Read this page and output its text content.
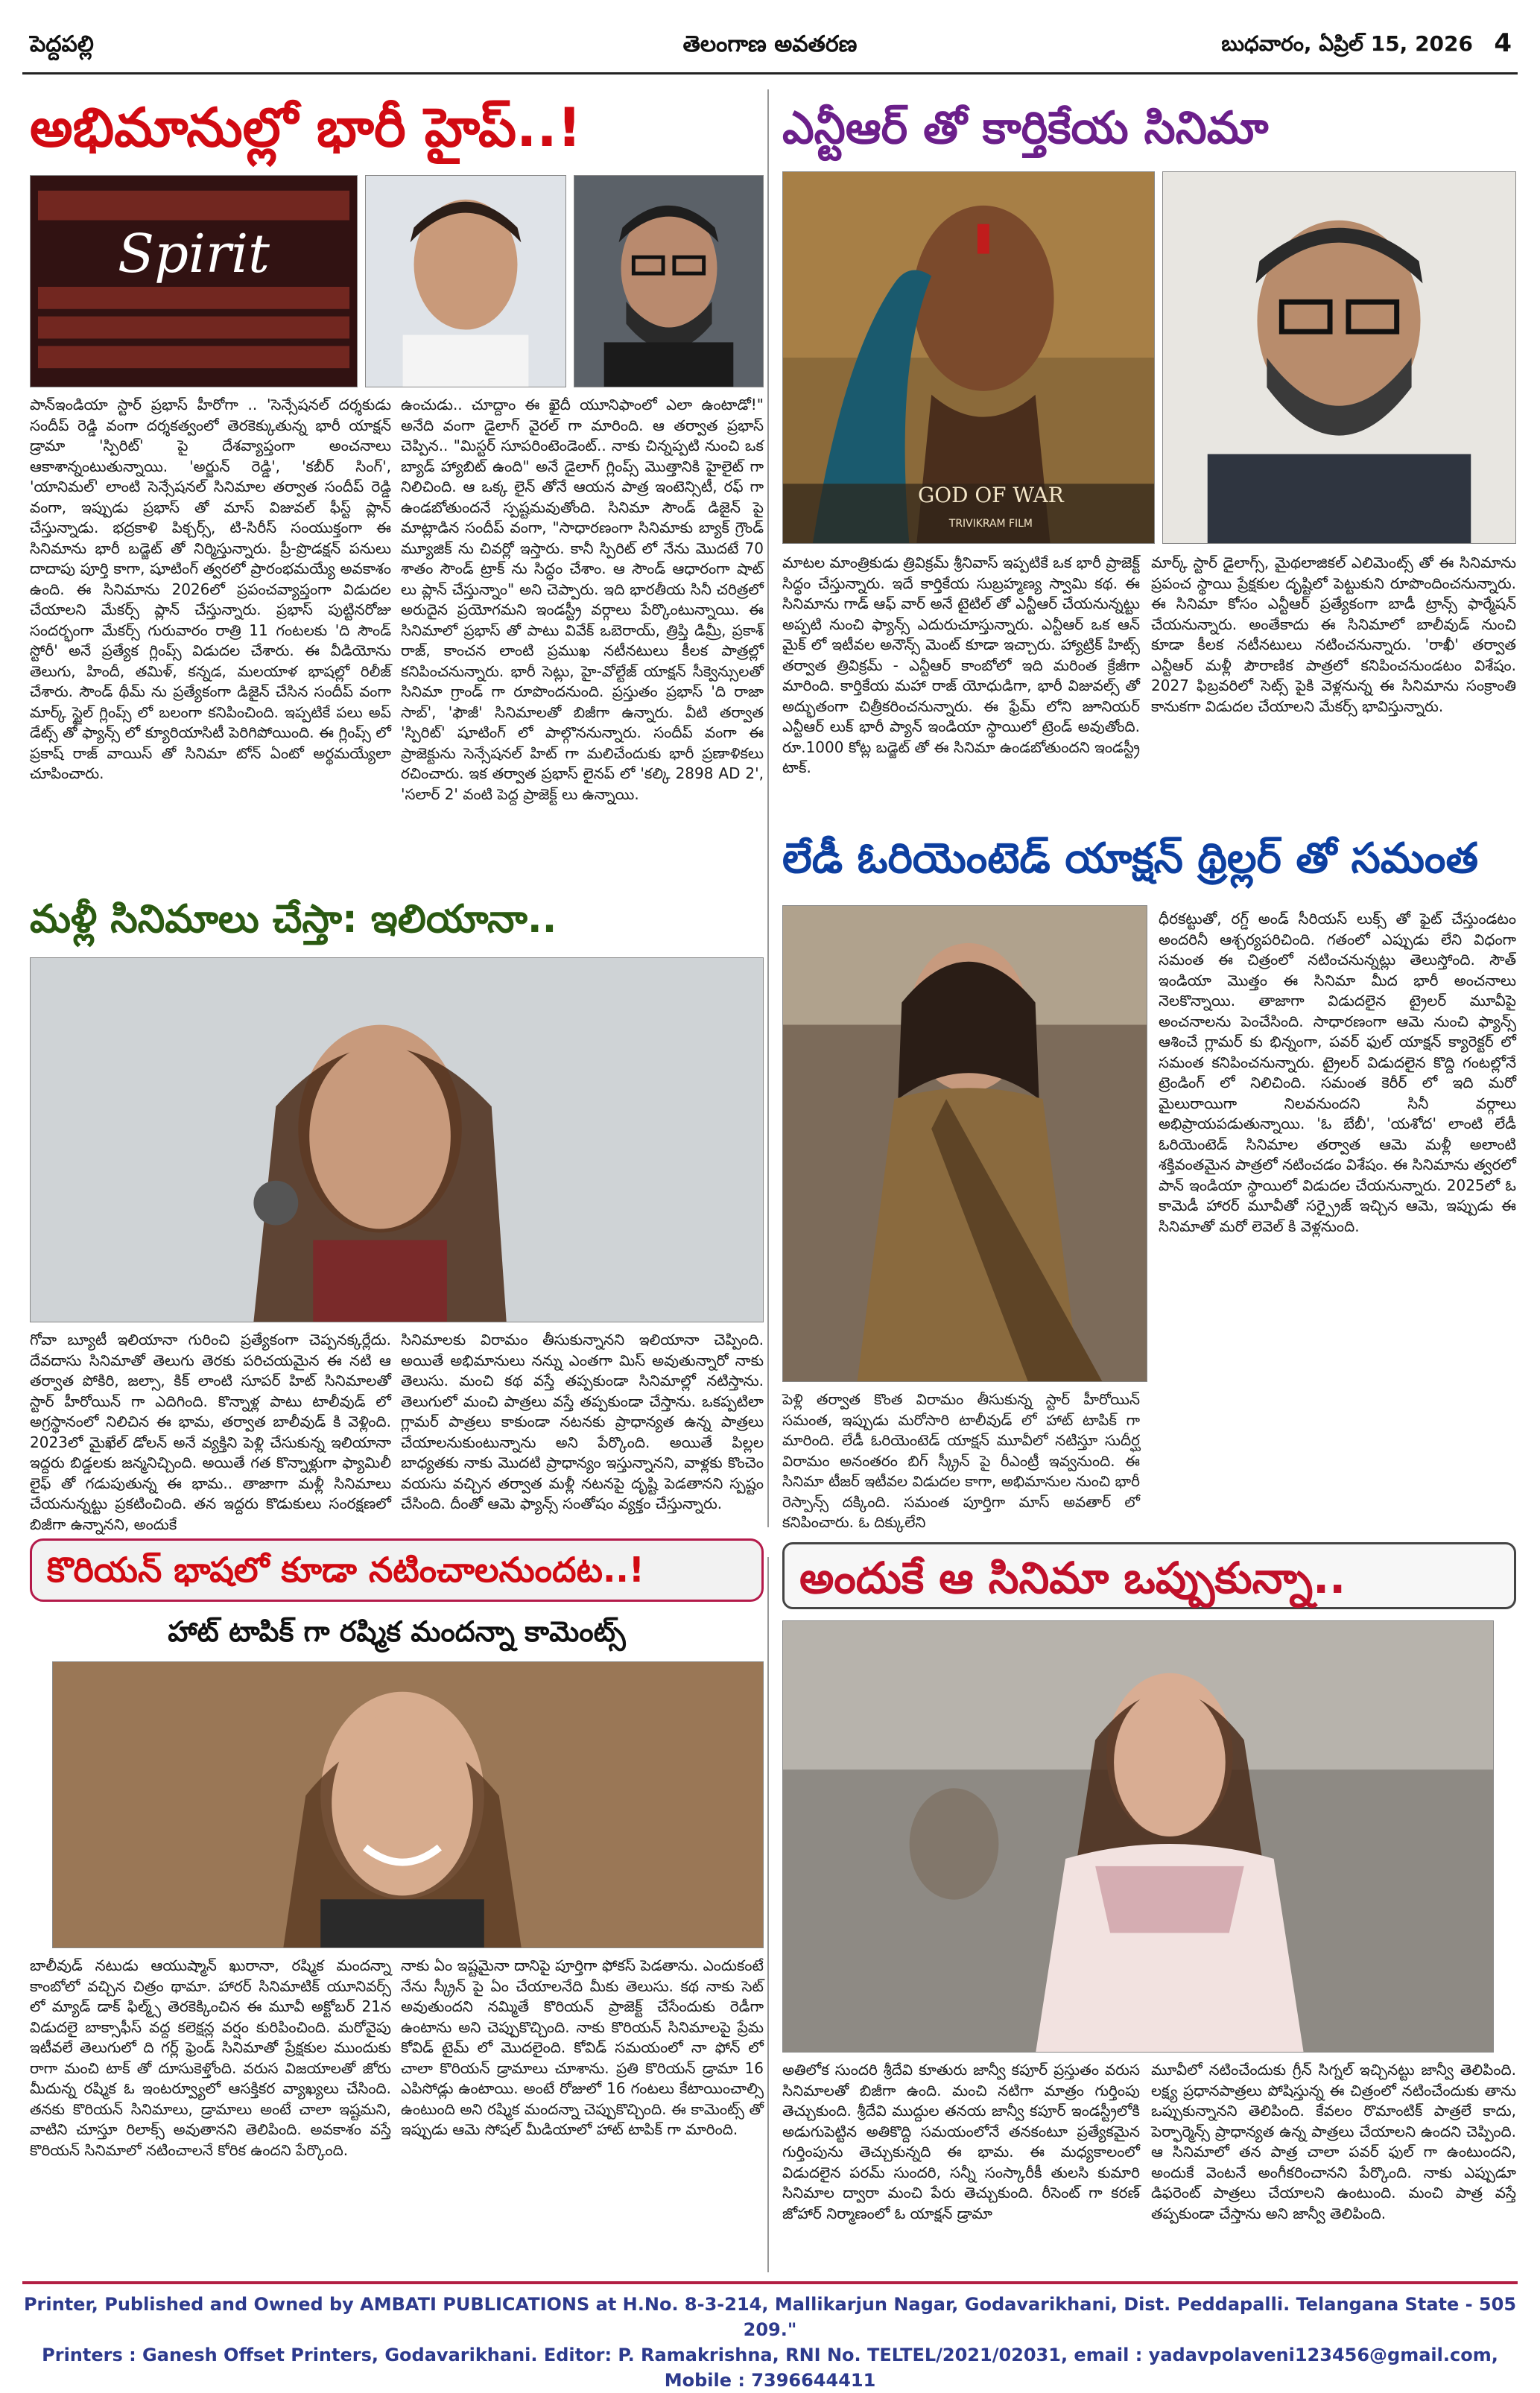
పెద్దపల్లి	తెలంగాణ అవతరణ	బుధవారం, ఏప్రిల్ 15, 2026 4
అభిమానుల్లో భారీ హైప్..!
Spirit
పాన్ఇండియా స్టార్ ప్రభాస్ హీరోగా .. 'సెన్సేషనల్ దర్శకుడు సందీప్ రెడ్డి వంగా దర్శకత్వంలో తెరకెక్కుతున్న భారీ యాక్షన్ డ్రామా 'స్పిరిట్' పై దేశవ్యాప్తంగా అంచనాలు ఆకాశాన్నంటుతున్నాయి. 'అర్జున్ రెడ్డి', 'కబీర్ సింగ్', 'యానిమల్' లాంటి సెన్సేషనల్ సినిమాల తర్వాత సందీప్ రెడ్డి వంగా, ఇప్పుడు ప్రభాస్ తో మాస్ విజువల్ ఫీస్ట్ ప్లాన్ చేస్తున్నాడు. భద్రకాళి పిక్చర్స్, టి-సిరీస్ సంయుక్తంగా ఈ సినిమాను భారీ బడ్జెట్ తో నిర్మిస్తున్నారు. ప్రీ-ప్రొడక్షన్ పనులు దాదాపు పూర్తి కాగా, షూటింగ్ త్వరలో ప్రారంభమయ్యే అవకాశం ఉంది. ఈ సినిమాను 2026లో ప్రపంచవ్యాప్తంగా విడుదల చేయాలని మేకర్స్ ప్లాన్ చేస్తున్నారు. ప్రభాస్ పుట్టినరోజు సందర్భంగా మేకర్స్ గురువారం రాత్రి 11 గంటలకు 'ది సౌండ్ స్టోరీ' అనే ప్రత్యేక గ్లింప్స్ విడుదల చేశారు. ఈ వీడియోను తెలుగు, హిందీ, తమిళ్, కన్నడ, మలయాళ భాషల్లో రిలీజ్ చేశారు. సౌండ్ థీమ్ ను ప్రత్యేకంగా డిజైన్ చేసిన సందీప్ వంగా మార్క్ స్టైల్ గ్లింప్స్ లో బలంగా కనిపించింది. ఇప్పటికే పలు అప్ డేట్స్ తో ఫ్యాన్స్ లో క్యూరియాసిటీ పెరిగిపోయింది. ఈ గ్లింప్స్ లో ప్రకాష్ రాజ్ వాయిస్ తో సినిమా టోన్ ఏంటో అర్థమయ్యేలా చూపించారు.
ఉంచుడు.. చూద్దాం ఈ ఖైదీ యూనిఫాంలో ఎలా ఉంటాడో!" అనేది వంగా డైలాగ్ వైరల్ గా మారింది. ఆ తర్వాత ప్రభాస్ చెప్పిన.. "మిస్టర్ సూపరింటెండెంట్.. నాకు చిన్నప్పటి నుంచి ఒక బ్యాడ్ హ్యాబిట్ ఉంది" అనే డైలాగ్ గ్లింప్స్ మొత్తానికి హైలైట్ గా నిలిచింది. ఆ ఒక్క లైన్ తోనే ఆయన పాత్ర ఇంటెన్సిటీ, రఫ్ గా ఉండబోతుందనే స్పష్టమవుతోంది. సినిమా సౌండ్ డిజైన్ పై మాట్లాడిన సందీప్ వంగా, "సాధారణంగా సినిమాకు బ్యాక్ గ్రౌండ్ మ్యూజిక్ ను చివర్లో ఇస్తారు. కానీ స్పిరిట్ లో నేను మొదటే 70 శాతం సౌండ్ ట్రాక్ ను సిద్ధం చేశాం. ఆ సౌండ్ ఆధారంగా షాట్ లు ప్లాన్ చేస్తున్నాం" అని చెప్పారు. ఇది భారతీయ సినీ చరిత్రలో అరుదైన ప్రయోగమని ఇండస్ట్రీ వర్గాలు పేర్కొంటున్నాయి. ఈ సినిమాలో ప్రభాస్ తో పాటు వివేక్ ఒబెరాయ్, త్రిప్తి డిమ్రీ, ప్రకాశ్ రాజ్, కాంచన లాంటి ప్రముఖ నటీనటులు కీలక పాత్రల్లో కనిపించనున్నారు. భారీ సెట్లు, హై-వోల్టేజ్ యాక్షన్ సీక్వెన్సులతో సినిమా గ్రాండ్ గా రూపొందనుంది. ప్రస్తుతం ప్రభాస్ 'ది రాజా సాబ్', 'ఫౌజీ' సినిమాలతో బిజీగా ఉన్నారు. వీటి తర్వాత 'స్పిరిట్' షూటింగ్ లో పాల్గొననున్నారు. సందీప్ వంగా ఈ ప్రాజెక్టును సెన్సేషనల్ హిట్ గా మలిచేందుకు భారీ ప్రణాళికలు రచించారు. ఇక తర్వాత ప్రభాస్ లైనప్ లో 'కల్కి 2898 AD 2', 'సలార్ 2' వంటి పెద్ద ప్రాజెక్ట్ లు ఉన్నాయి.
ఎన్టీఆర్ తో కార్తికేయ సినిమా
GOD OF WAR
TRIVIKRAM FILM
మాటల మాంత్రికుడు త్రివిక్రమ్ శ్రీనివాస్ ఇప్పటికే ఒక భారీ ప్రాజెక్ట్ సిద్ధం చేస్తున్నారు. ఇదే కార్తికేయ సుబ్రహ్మణ్య స్వామి కథ. ఈ సినిమాను గాడ్ ఆఫ్ వార్ అనే టైటిల్ తో ఎన్టీఆర్ చేయనున్నట్టు అప్పటి నుంచి ఫ్యాన్స్ ఎదురుచూస్తున్నారు. ఎన్టీఆర్ ఒక ఆన్ మైక్ లో ఇటీవల అనౌన్స్ మెంట్ కూడా ఇచ్చారు. హ్యాట్రిక్ హిట్స్ తర్వాత త్రివిక్రమ్ - ఎన్టీఆర్ కాంబోలో ఇది మరింత క్రేజీగా మారింది. కార్తికేయ మహా రాజ్ యోధుడిగా, భారీ విజువల్స్ తో అద్భుతంగా చిత్రీకరించనున్నారు. ఈ ఫ్రేమ్ లోని జూనియర్ ఎన్టీఆర్ లుక్ భారీ ప్యాన్ ఇండియా స్థాయిలో ట్రెండ్ అవుతోంది. రూ.1000 కోట్ల బడ్జెట్ తో ఈ సినిమా ఉండబోతుందని ఇండస్ట్రీ టాక్.
మార్క్ స్టార్ డైలాగ్స్, మైథలాజికల్ ఎలిమెంట్స్ తో ఈ సినిమాను ప్రపంచ స్థాయి ప్రేక్షకుల దృష్టిలో పెట్టుకుని రూపొందించనున్నారు. ఈ సినిమా కోసం ఎన్టీఆర్ ప్రత్యేకంగా బాడీ ట్రాన్స్ ఫార్మేషన్ చేయనున్నారు. అంతేకాదు ఈ సినిమాలో బాలీవుడ్ నుంచి కూడా కీలక నటీనటులు నటించనున్నారు. 'రాఖీ' తర్వాత ఎన్టీఆర్ మళ్లీ పౌరాణిక పాత్రలో కనిపించనుండటం విశేషం. 2027 ఫిబ్రవరిలో సెట్స్ పైకి వెళ్లనున్న ఈ సినిమాను సంక్రాంతి కానుకగా విడుదల చేయాలని మేకర్స్ భావిస్తున్నారు.
లేడీ ఓరియెంటెడ్ యాక్షన్ థ్రిల్లర్ తో సమంత
పెళ్లి తర్వాత కొంత విరామం తీసుకున్న స్టార్ హీరోయిన్ సమంత, ఇప్పుడు మరోసారి టాలీవుడ్ లో హాట్ టాపిక్ గా మారింది. లేడీ ఓరియెంటెడ్ యాక్షన్ మూవీలో నటిస్తూ సుదీర్ఘ విరామం అనంతరం బిగ్ స్క్రీన్ పై రీఎంట్రీ ఇవ్వనుంది. ఈ సినిమా టీజర్ ఇటీవల విడుదల కాగా, అభిమానుల నుంచి భారీ రెస్పాన్స్ దక్కింది. సమంత పూర్తిగా మాస్ అవతార్ లో కనిపించారు. ఓ దిక్కులేని
ధీరకట్టుతో, రగ్డ్ అండ్ సీరియస్ లుక్స్ తో ఫైట్ చేస్తుండటం అందరినీ ఆశ్చర్యపరిచింది. గతంలో ఎప్పుడు లేని విధంగా సమంత ఈ చిత్రంలో నటించనున్నట్లు తెలుస్తోంది. సౌత్ ఇండియా మొత్తం ఈ సినిమా మీద భారీ అంచనాలు నెలకొన్నాయి. తాజాగా విడుదలైన ట్రైలర్ మూవీపై అంచనాలను పెంచేసింది. సాధారణంగా ఆమె నుంచి ఫ్యాన్స్ ఆశించే గ్లామర్ కు భిన్నంగా, పవర్ ఫుల్ యాక్షన్ క్యారెక్టర్ లో సమంత కనిపించనున్నారు. ట్రైలర్ విడుదలైన కొద్ది గంటల్లోనే ట్రెండింగ్ లో నిలిచింది. సమంత కెరీర్ లో ఇది మరో మైలురాయిగా నిలవనుందని సినీ వర్గాలు అభిప్రాయపడుతున్నాయి. 'ఓ బేబీ', 'యశోద' లాంటి లేడీ ఓరియెంటెడ్ సినిమాల తర్వాత ఆమె మళ్లీ అలాంటి శక్తివంతమైన పాత్రలో నటించడం విశేషం. ఈ సినిమాను త్వరలో పాన్ ఇండియా స్థాయిలో విడుదల చేయనున్నారు. 2025లో ఓ కామెడీ హారర్ మూవీతో సర్ప్రైజ్ ఇచ్చిన ఆమె, ఇప్పుడు ఈ సినిమాతో మరో లెవెల్ కి వెళ్లనుంది.
మళ్లీ సినిమాలు చేస్తా: ఇలియానా..
గోవా బ్యూటీ ఇలియానా గురించి ప్రత్యేకంగా చెప్పనక్కర్లేదు. దేవదాసు సినిమాతో తెలుగు తెరకు పరిచయమైన ఈ నటి ఆ తర్వాత పోకిరి, జల్సా, కిక్ లాంటి సూపర్ హిట్ సినిమాలతో స్టార్ హీరోయిన్ గా ఎదిగింది. కొన్నాళ్ల పాటు టాలీవుడ్ లో అగ్రస్థానంలో నిలిచిన ఈ భామ, తర్వాత బాలీవుడ్ కి వెళ్లింది. 2023లో మైఖేల్ డోలన్ అనే వ్యక్తిని పెళ్లి చేసుకున్న ఇలియానా ఇద్దరు బిడ్డలకు జన్మనిచ్చింది. అయితే గత కొన్నాళ్లుగా ఫ్యామిలీ లైఫ్ తో గడుపుతున్న ఈ భామ.. తాజాగా మళ్లీ సినిమాలు చేయనున్నట్టు ప్రకటించింది. తన ఇద్దరు కొడుకులు సంరక్షణలో బిజీగా ఉన్నానని, అందుకే
సినిమాలకు విరామం తీసుకున్నానని ఇలియానా చెప్పింది. అయితే అభిమానులు నన్ను ఎంతగా మిస్ అవుతున్నారో నాకు తెలుసు. మంచి కథ వస్తే తప్పకుండా సినిమాల్లో నటిస్తాను. తెలుగులో మంచి పాత్రలు వస్తే తప్పకుండా చేస్తాను. ఒకప్పటిలా గ్లామర్ పాత్రలు కాకుండా నటనకు ప్రాధాన్యత ఉన్న పాత్రలు చేయాలనుకుంటున్నాను అని పేర్కొంది. అయితే పిల్లల బాధ్యతకు నాకు మొదటి ప్రాధాన్యం ఇస్తున్నానని, వాళ్లకు కొంచెం వయసు వచ్చిన తర్వాత మళ్లీ నటనపై దృష్టి పెడతానని స్పష్టం చేసింది. దీంతో ఆమె ఫ్యాన్స్ సంతోషం వ్యక్తం చేస్తున్నారు.
కొరియన్ భాషలో కూడా నటించాలనుందట..!
హాట్ టాపిక్ గా రష్మిక మందన్నా కామెంట్స్
బాలీవుడ్ నటుడు ఆయుష్మాన్ ఖురానా, రష్మిక మందన్నా కాంబోలో వచ్చిన చిత్రం థామా. హారర్ సినిమాటిక్ యూనివర్స్ లో మ్యాడ్ డాక్ ఫిల్మ్స్ తెరకెక్కించిన ఈ మూవీ అక్టోబర్ 21న విడుదలై బాక్సాఫీస్ వద్ద కలెక్షన్ల వర్షం కురిపించింది. మరోవైపు ఇటీవలే తెలుగులో ది గర్ల్ ఫ్రెండ్ సినిమాతో ప్రేక్షకుల ముందుకు రాగా మంచి టాక్ తో దూసుకెళ్తోంది. వరుస విజయాలతో జోరు మీదున్న రష్మిక ఓ ఇంటర్వ్యూలో ఆసక్తికర వ్యాఖ్యలు చేసింది. తనకు కొరియన్ సినిమాలు, డ్రామాలు అంటే చాలా ఇష్టమని, వాటిని చూస్తూ రిలాక్స్ అవుతానని తెలిపింది. అవకాశం వస్తే కొరియన్ సినిమాలో నటించాలనే కోరిక ఉందని పేర్కొంది.
నాకు ఏం ఇష్టమైనా దానిపై పూర్తిగా ఫోకస్ పెడతాను. ఎందుకంటే నేను స్క్రీన్ పై ఏం చేయాలనేది మీకు తెలుసు. కథ నాకు సెట్ అవుతుందని నమ్మితే కొరియన్ ప్రాజెక్ట్ చేసేందుకు రెడీగా ఉంటాను అని చెప్పుకొచ్చింది. నాకు కొరియన్ సినిమాలపై ప్రేమ కోవిడ్ టైమ్ లో మొదలైంది. కోవిడ్ సమయంలో నా ఫోన్ లో చాలా కొరియన్ డ్రామాలు చూశాను. ప్రతి కొరియన్ డ్రామా 16 ఎపిసోడ్లు ఉంటాయి. అంటే రోజులో 16 గంటలు కేటాయించాల్సి ఉంటుంది అని రష్మిక మందన్నా చెప్పుకొచ్చింది. ఈ కామెంట్స్ తో ఇప్పుడు ఆమె సోషల్ మీడియాలో హాట్ టాపిక్ గా మారింది.
అందుకే ఆ సినిమా ఒప్పుకున్నా..
అతిలోక సుందరి శ్రీదేవి కూతురు జాన్వీ కపూర్ ప్రస్తుతం వరుస సినిమాలతో బిజీగా ఉంది. మంచి నటిగా మాత్రం గుర్తింపు తెచ్చుకుంది. శ్రీదేవి ముద్దుల తనయ జాన్వీ కపూర్ ఇండస్ట్రీలోకి అడుగుపెట్టిన అతికొద్ది సమయంలోనే తనకంటూ ప్రత్యేకమైన గుర్తింపును తెచ్చుకున్నది ఈ భామ. ఈ మధ్యకాలంలో విడుదలైన పరమ్ సుందరి, సన్నీ సంస్కారీకీ తులసి కుమారి సినిమాల ద్వారా మంచి పేరు తెచ్చుకుంది. రీసెంట్ గా కరణ్ జోహార్ నిర్మాణంలో ఓ యాక్షన్ డ్రామా
మూవీలో నటించేందుకు గ్రీన్ సిగ్నల్ ఇచ్చినట్టు జాన్వీ తెలిపింది. లక్ష్య ప్రధానపాత్రలు పోషిస్తున్న ఈ చిత్రంలో నటించేందుకు తాను ఒప్పుకున్నానని తెలిపింది. కేవలం రొమాంటిక్ పాత్రలే కాదు, పెర్ఫార్మెన్స్ ప్రాధాన్యత ఉన్న పాత్రలు చేయాలని ఉందని చెప్పింది. ఆ సినిమాలో తన పాత్ర చాలా పవర్ ఫుల్ గా ఉంటుందని, అందుకే వెంటనే అంగీకరించానని పేర్కొంది. నాకు ఎప్పుడూ డిఫరెంట్ పాత్రలు చేయాలని ఉంటుంది. మంచి పాత్ర వస్తే తప్పకుండా చేస్తాను అని జాన్వీ తెలిపింది.
Printer, Published and Owned by AMBATI PUBLICATIONS at H.No. 8-3-214, Mallikarjun Nagar, Godavarikhani, Dist. Peddapalli. Telangana State - 505 209."
Printers : Ganesh Offset Printers, Godavarikhani. Editor: P. Ramakrishna, RNI No. TELTEL/2021/02031, email : yadavpolaveni123456@gmail.com, Mobile : 7396644411
